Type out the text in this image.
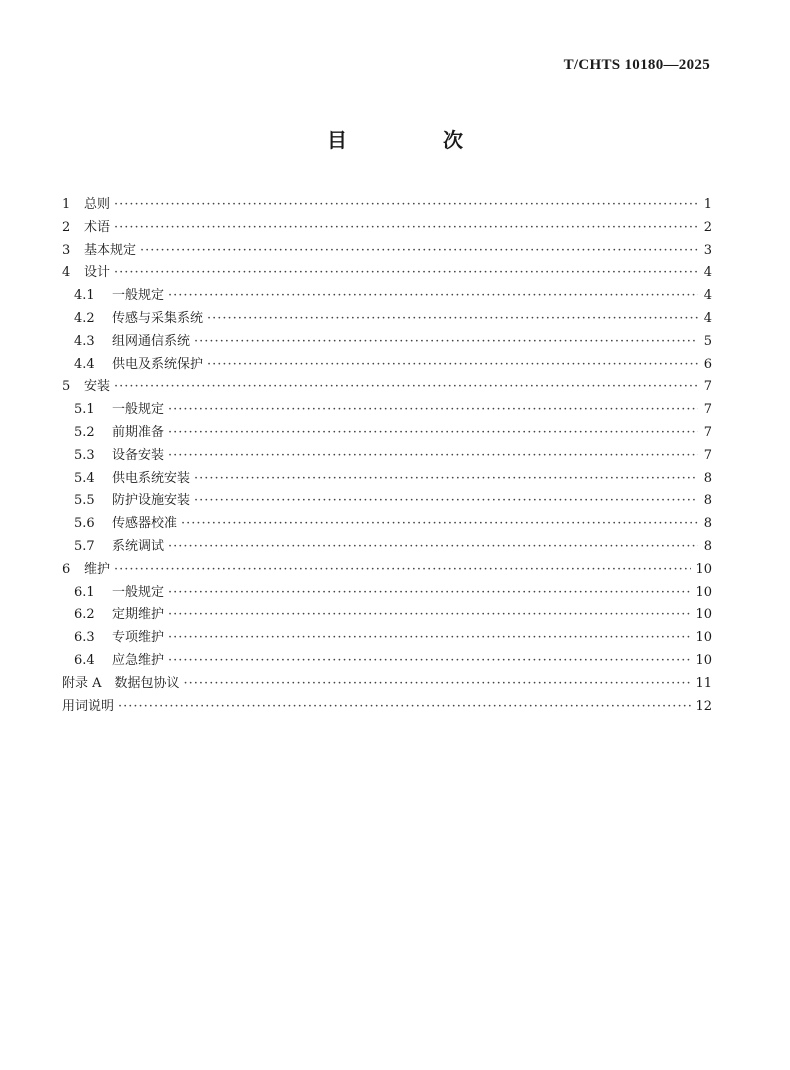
T/CHTS 10180—2025
目　次
1	总则 ·····	1
2	术语 ·····	2
3	基本规定 ·····	3
4	设计 ·····	4
4.1	一般规定 ·····	4
4.2	传感与采集系统 ·····	4
4.3	组网通信系统 ·····	5
4.4	供电及系统保护 ·····	6
5	安装 ·····	7
5.1	一般规定 ·····	7
5.2	前期准备 ·····	7
5.3	设备安装 ·····	7
5.4	供电系统安装 ·····	8
5.5	防护设施安装 ·····	8
5.6	传感器校准 ·····	8
5.7	系统调试 ·····	8
6	维护 ·····	10
6.1	一般规定 ·····	10
6.2	定期维护 ·····	10
6.3	专项维护 ·····	10
6.4	应急维护 ·····	10
附录 A　数据包协议 ·····	11
用词说明 ·····	12
